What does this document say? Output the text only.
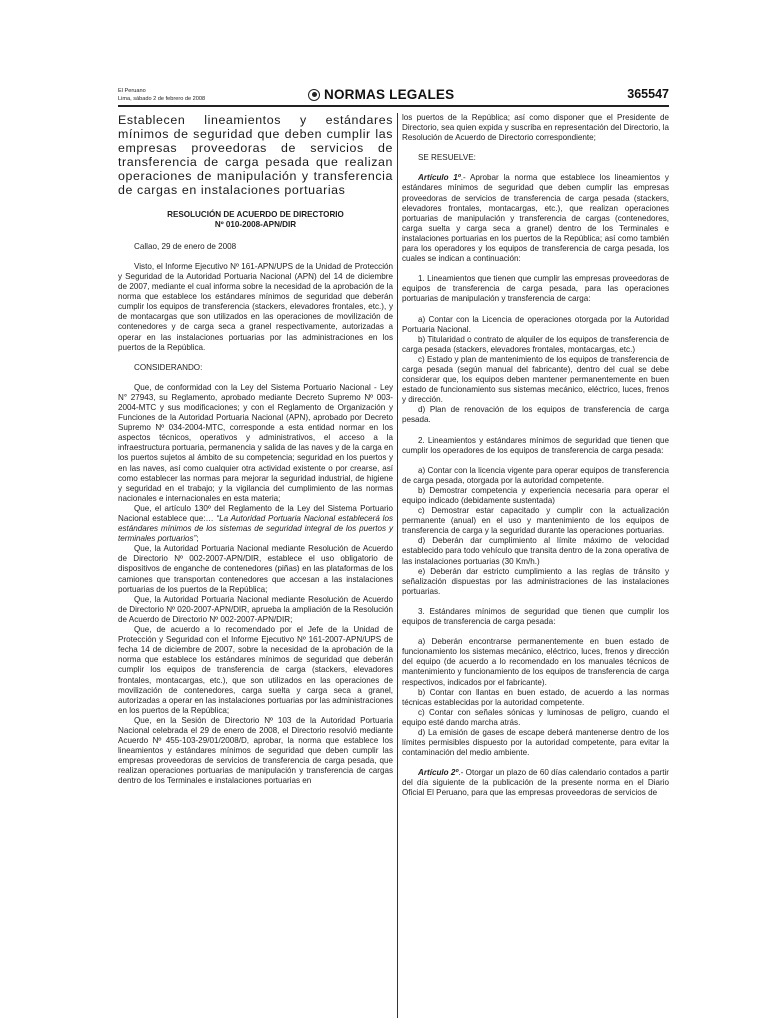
El Peruano
Lima, sábado 2 de febrero de 2008	NORMAS LEGALES	365547
Establecen lineamientos y estándares mínimos de seguridad que deben cumplir las empresas proveedoras de servicios de transferencia de carga pesada que realizan operaciones de manipulación y transferencia de cargas en instalaciones portuarias
RESOLUCIÓN DE ACUERDO DE DIRECTORIO
Nº 010-2008-APN/DIR

Callao, 29 de enero de 2008

Visto, el Informe Ejecutivo Nº 161-APN/UPS de la Unidad de Protección y Seguridad de la Autoridad Portuaria Nacional (APN) del 14 de diciembre de 2007, mediante el cual informa sobre la necesidad de la aprobación de la norma que establece los estándares mínimos de seguridad que deberán cumplir los equipos de transferencia (stackers, elevadores frontales, etc.), y de montacargas que son utilizados en las operaciones de movilización de contenedores y de carga seca a granel respectivamente, autorizadas a operar en las instalaciones portuarias por las administraciones en los puertos de la República.

CONSIDERANDO:

Que, de conformidad con la Ley del Sistema Portuario Nacional - Ley N° 27943, su Reglamento, aprobado mediante Decreto Supremo Nº 003-2004-MTC y sus modificaciones; y con el Reglamento de Organización y Funciones de la Autoridad Portuaria Nacional (APN), aprobado por Decreto Supremo Nº 034-2004-MTC, corresponde a esta entidad normar en los aspectos técnicos, operativos y administrativos, el acceso a la infraestructura portuaria, permanencia y salida de las naves y de la carga en los puertos sujetos al ámbito de su competencia; seguridad en los puertos y en las naves, así como cualquier otra actividad existente o por crearse, así como establecer las normas para mejorar la seguridad industrial, de higiene y seguridad en el trabajo; y la vigilancia del cumplimiento de las normas nacionales e internacionales en esta materia;

Que, el artículo 130º del Reglamento de la Ley del Sistema Portuario Nacional establece que:… “La Autoridad Portuaria Nacional establecerá los estándares mínimos de los sistemas de seguridad integral de los puertos y terminales portuarios”;

Que, la Autoridad Portuaria Nacional mediante Resolución de Acuerdo de Directorio Nº 002-2007-APN/DIR, establece el uso obligatorio de dispositivos de enganche de contenedores (piñas) en las plataformas de los camiones que transportan contenedores que accesan a las instalaciones portuarias de los puertos de la República;

Que, la Autoridad Portuaria Nacional mediante Resolución de Acuerdo de Directorio Nº 020-2007-APN/DIR, aprueba la ampliación de la Resolución de Acuerdo de Directorio Nº 002-2007-APN/DIR;

Que, de acuerdo a lo recomendado por el Jefe de la Unidad de Protección y Seguridad con el Informe Ejecutivo Nº 161-2007-APN/UPS de fecha 14 de diciembre de 2007, sobre la necesidad de la aprobación de la norma que establece los estándares mínimos de seguridad que deberán cumplir los equipos de transferencia de carga (stackers, elevadores frontales, montacargas, etc.), que son utilizados en las operaciones de movilización de contenedores, carga suelta y carga seca a granel, autorizadas a operar en las instalaciones portuarias por las administraciones en los puertos de la República;

Que, en la Sesión de Directorio Nº 103 de la Autoridad Portuaria Nacional celebrada el 29 de enero de 2008, el Directorio resolvió mediante Acuerdo Nº 455-103-29/01/2008/D, aprobar, la norma que establece los lineamientos y estándares mínimos de seguridad que deben cumplir las empresas proveedoras de servicios de transferencia de carga pesada, que realizan operaciones portuarias de manipulación y transferencia de cargas dentro de los Terminales e instalaciones portuarias en

los puertos de la República; así como disponer que el Presidente de Directorio, sea quien expida y suscriba en representación del Directorio, la Resolución de Acuerdo de Directorio correspondiente;

SE RESUELVE:

Artículo 1º.- Aprobar la norma que establece los lineamientos y estándares mínimos de seguridad que deben cumplir las empresas proveedoras de servicios de transferencia de carga pesada (stackers, elevadores frontales, montacargas, etc.), que realizan operaciones portuarias de manipulación y transferencia de cargas (contenedores, carga suelta y carga seca a granel) dentro de los Terminales e instalaciones portuarias en los puertos de la República; así como también para los operadores y los equipos de transferencia de carga pesada, los cuales se indican a continuación:

1. Lineamientos que tienen que cumplir las empresas proveedoras de equipos de transferencia de carga pesada, para las operaciones portuarias de manipulación y transferencia de carga:

a) Contar con la Licencia de operaciones otorgada por la Autoridad Portuaria Nacional.

b) Titularidad o contrato de alquiler de los equipos de transferencia de carga pesada (stackers, elevadores frontales, montacargas, etc.)

c) Estado y plan de mantenimiento de los equipos de transferencia de carga pesada (según manual del fabricante), dentro del cual se debe considerar que, los equipos deben mantener permanentemente en buen estado de funcionamiento sus sistemas mecánico, eléctrico, luces, frenos y dirección.

d) Plan de renovación de los equipos de transferencia de carga pesada.

2. Lineamientos y estándares mínimos de seguridad que tienen que cumplir los operadores de los equipos de transferencia de carga pesada:

a) Contar con la licencia vigente para operar equipos de transferencia de carga pesada, otorgada por la autoridad competente.

b) Demostrar competencia y experiencia necesaria para operar el equipo indicado (debidamente sustentada)

c) Demostrar estar capacitado y cumplir con la actualización permanente (anual) en el uso y mantenimiento de los equipos de transferencia de carga y la seguridad durante las operaciones portuarias.

d) Deberán dar cumplimiento al límite máximo de velocidad establecido para todo vehículo que transita dentro de la zona operativa de las instalaciones portuarias (30 Km/h.)

e) Deberán dar estricto cumplimiento a las reglas de tránsito y señalización dispuestas por las administraciones de las instalaciones portuarias.

3. Estándares mínimos de seguridad que tienen que cumplir los equipos de transferencia de carga pesada:

a) Deberán encontrarse permanentemente en buen estado de funcionamiento los sistemas mecánico, eléctrico, luces, frenos y dirección del equipo (de acuerdo a lo recomendado en los manuales técnicos de mantenimiento y funcionamiento de los equipos de transferencia de carga respectivos, indicados por el fabricante).

b) Contar con llantas en buen estado, de acuerdo a las normas técnicas establecidas por la autoridad competente.

c) Contar con señales sónicas y luminosas de peligro, cuando el equipo esté dando marcha atrás.

d) La emisión de gases de escape deberá mantenerse dentro de los límites permisibles dispuesto por la autoridad competente, para evitar la contaminación del medio ambiente.

Artículo 2º.- Otorgar un plazo de 60 días calendario contados a partir del día siguiente de la publicación de la presente norma en el Diario Oficial El Peruano, para que las empresas proveedoras de servicios de
